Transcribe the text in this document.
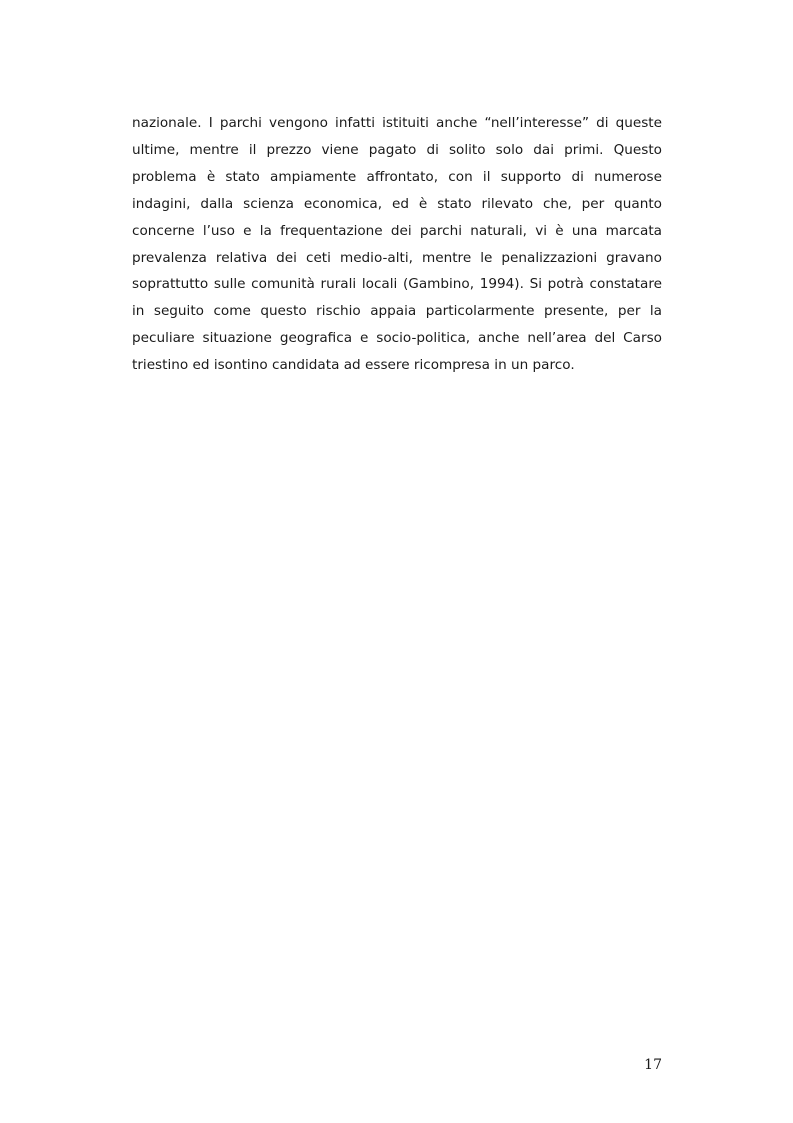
nazionale. I parchi vengono infatti istituiti anche “nell’interesse” di queste ultime, mentre il prezzo viene pagato di solito solo dai primi. Questo problema è stato ampiamente affrontato, con il supporto di numerose indagini, dalla scienza economica, ed è stato rilevato che, per quanto concerne l’uso e la frequentazione dei parchi naturali, vi è una marcata prevalenza relativa dei ceti medio-alti, mentre le penalizzazioni gravano soprattutto sulle comunità rurali locali (Gambino, 1994). Si potrà constatare in seguito come questo rischio appaia particolarmente presente, per la peculiare situazione geografica e socio-politica, anche nell’area del Carso triestino ed isontino candidata ad essere ricompresa in un parco.

17
